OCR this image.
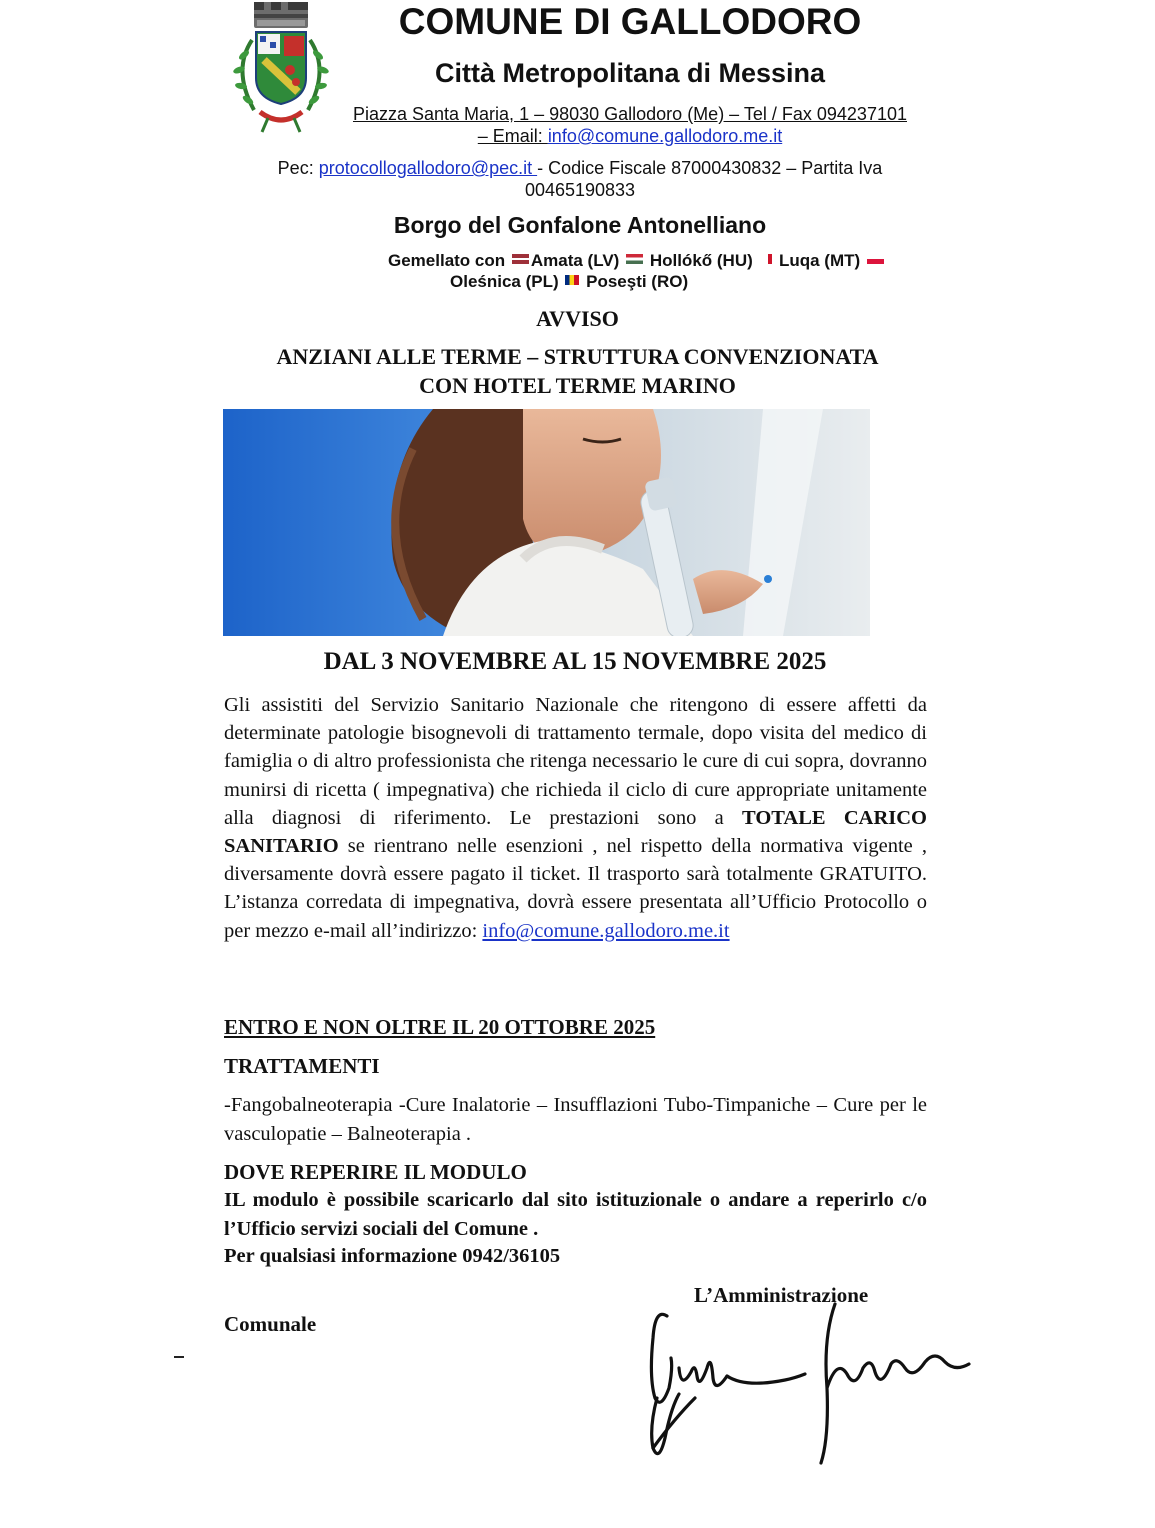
COMUNE DI GALLODORO
Città Metropolitana di Messina
Piazza Santa Maria, 1 – 98030 Gallodoro (Me) – Tel / Fax 094237101
– Email: info@comune.gallodoro.me.it
Pec: protocollogallodoro@pec.it - Codice Fiscale 87000430832 – Partita Iva
00465190833
Borgo del Gonfalone Antonelliano
Gemellato con Amata (LV) Hollókő (HU) Luqa (MT)
Oleśnica (PL) Poseşti (RO)
AVVISO
ANZIANI ALLE TERME – STRUTTURA CONVENZIONATA
CON HOTEL TERME MARINO
DAL 3 NOVEMBRE AL 15 NOVEMBRE 2025
Gli assistiti del Servizio Sanitario Nazionale che ritengono di essere affetti da determinate patologie bisognevoli di trattamento termale, dopo visita del medico di famiglia o di altro professionista che ritenga necessario le cure di cui sopra, dovranno munirsi di ricetta ( impegnativa) che richieda il ciclo di cure appropriate unitamente alla diagnosi di riferimento. Le prestazioni sono a TOTALE CARICO SANITARIO se rientrano nelle esenzioni , nel rispetto della normativa vigente , diversamente dovrà essere pagato il ticket. Il trasporto sarà totalmente GRATUITO. L’istanza corredata di impegnativa, dovrà essere presentata all’Ufficio Protocollo o per mezzo e-mail all’indirizzo: info@comune.gallodoro.me.it
ENTRO E NON OLTRE IL 20 OTTOBRE 2025
TRATTAMENTI
-Fangobalneoterapia -Cure Inalatorie – Insufflazioni Tubo-Timpaniche – Cure per le vasculopatie – Balneoterapia .
DOVE REPERIRE IL MODULO
IL modulo è possibile scaricarlo dal sito istituzionale o andare a reperirlo c/o l’Ufficio servizi sociali del Comune .
Per qualsiasi informazione 0942/36105
L’Amministrazione
Comunale
